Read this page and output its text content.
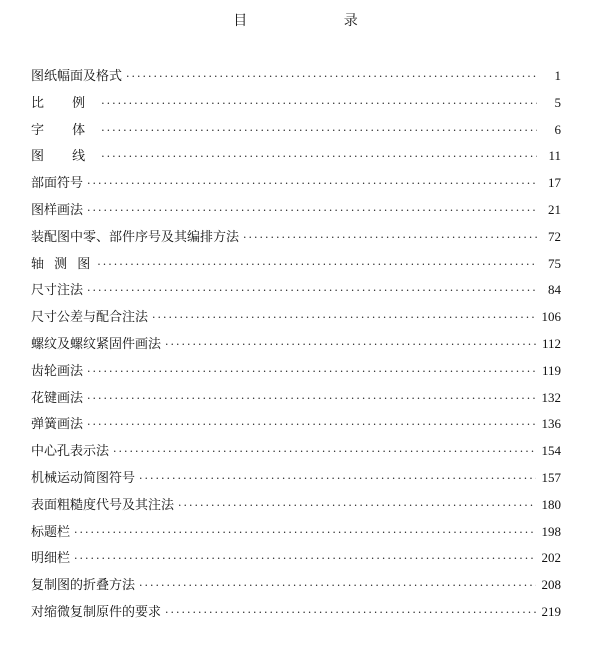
目 录
图纸幅面及格式 ·····	1
比 例 ·····	5
字 体 ·····	6
图 线 ·····	11
部面符号 ·····	17
图样画法 ·····	21
装配图中零、部件序号及其编排方法 ·····	72
轴 测 图 ·····	75
尺寸注法 ·····	84
尺寸公差与配合注法 ·····	106
螺纹及螺纹紧固件画法 ·····	112
齿轮画法 ·····	119
花键画法 ·····	132
弹簧画法 ·····	136
中心孔表示法 ·····	154
机械运动简图符号 ·····	157
表面粗糙度代号及其注法 ·····	180
标题栏 ·····	198
明细栏 ·····	202
复制图的折叠方法 ·····	208
对缩微复制原件的要求 ·····	219
